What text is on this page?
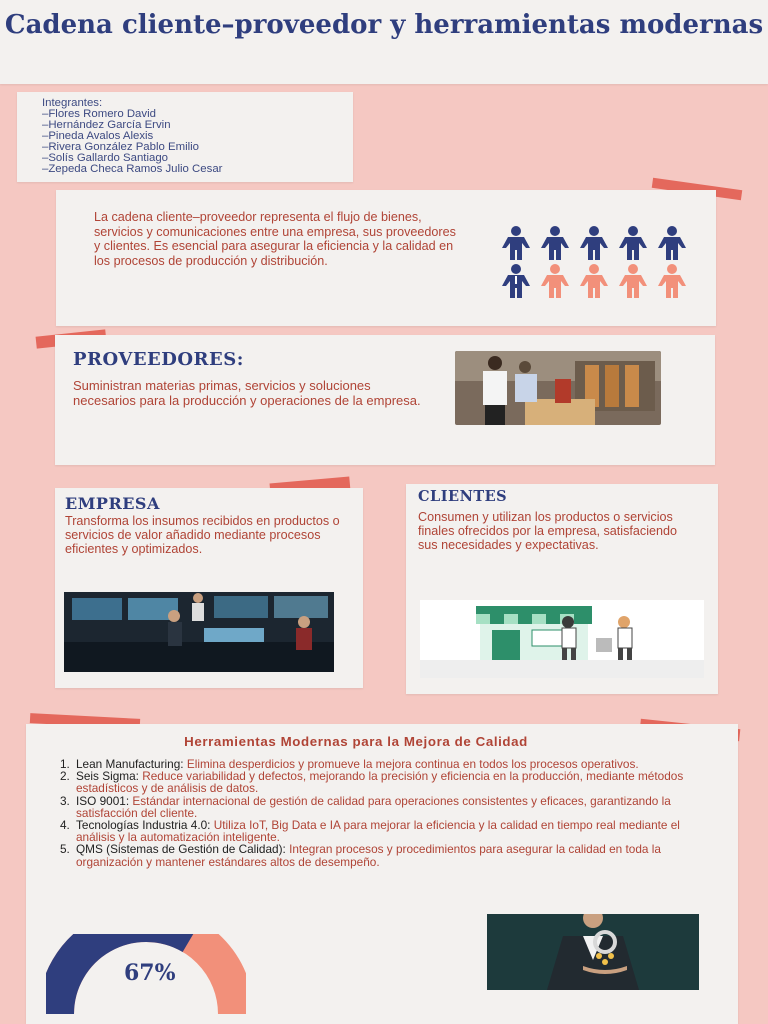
Cadena cliente–proveedor y herramientas modernas
Integrantes:
–Flores Romero David
–Hernández García Ervin
–Pineda Avalos Alexis
–Rivera González Pablo Emilio
–Solís Gallardo Santiago
–Zepeda Checa Ramos Julio Cesar
La cadena cliente–proveedor representa el flujo de bienes, servicios y comunicaciones entre una empresa, sus proveedores y clientes. Es esencial para asegurar la eficiencia y la calidad en los procesos de producción y distribución.
PROVEEDORES:
Suministran materias primas, servicios y soluciones necesarios para la producción y operaciones de la empresa.
EMPRESA
Transforma los insumos recibidos en productos o servicios de valor añadido mediante procesos eficientes y optimizados.
CLIENTES
Consumen y utilizan los productos o servicios finales ofrecidos por la empresa, satisfaciendo sus necesidades y expectativas.
Herramientas Modernas para la Mejora de Calidad
1. Lean Manufacturing: Elimina desperdicios y promueve la mejora continua en todos los procesos operativos.
2. Seis Sigma: Reduce variabilidad y defectos, mejorando la precisión y eficiencia en la producción, mediante métodos estadísticos y de análisis de datos.
3. ISO 9001: Estándar internacional de gestión de calidad para operaciones consistentes y eficaces, garantizando la satisfacción del cliente.
4. Tecnologías Industria 4.0: Utiliza IoT, Big Data e IA para mejorar la eficiencia y la calidad en tiempo real mediante el análisis y la automatización inteligente.
5. QMS (Sistemas de Gestión de Calidad): Integran procesos y procedimientos para asegurar la calidad en toda la organización y mantener estándares altos de desempeño.
67%
